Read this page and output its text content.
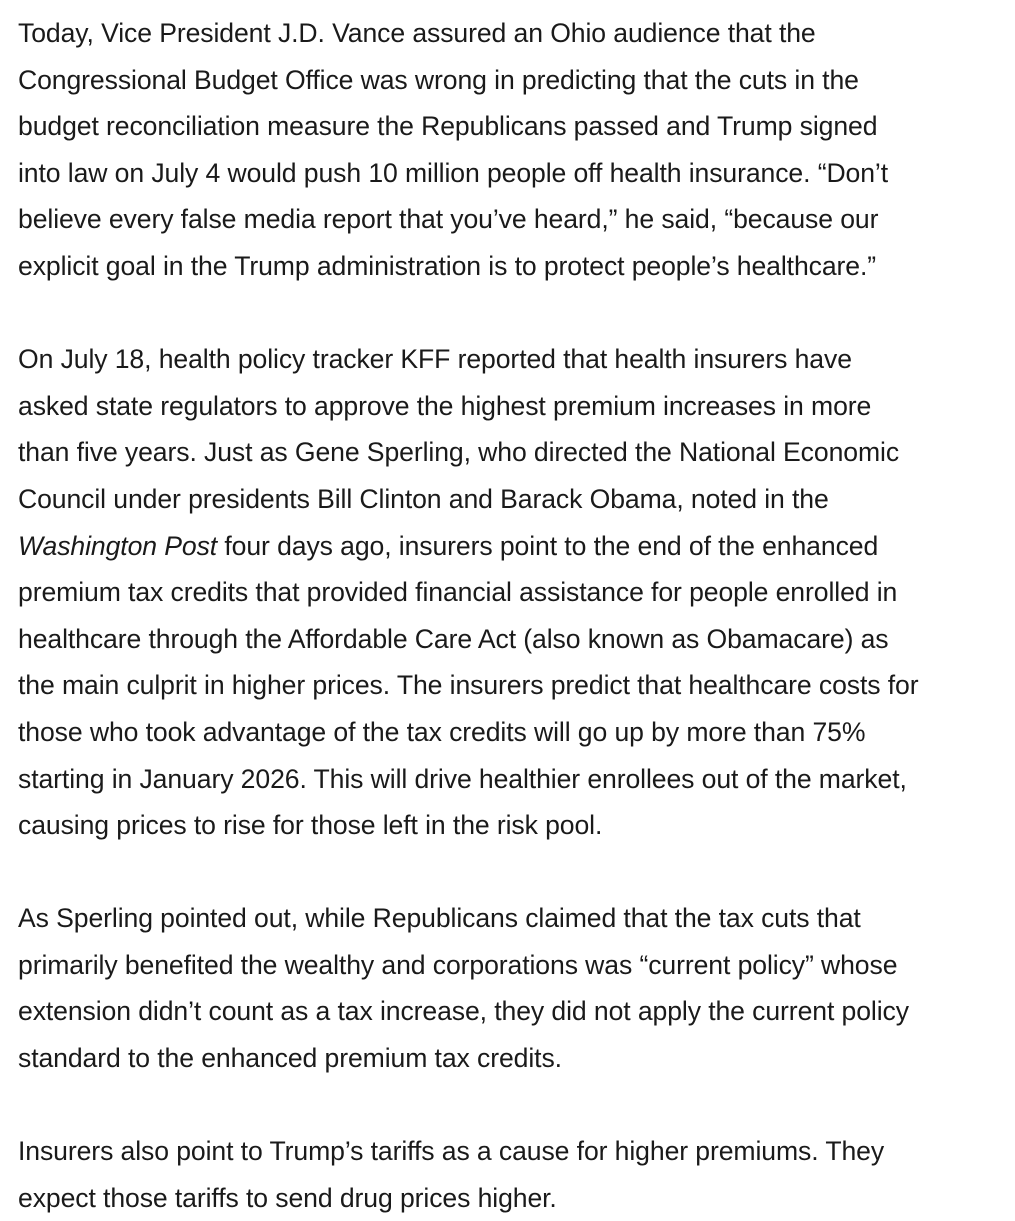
Today, Vice President J.D. Vance assured an Ohio audience that the
Congressional Budget Office was wrong in predicting that the cuts in the
budget reconciliation measure the Republicans passed and Trump signed
into law on July 4 would push 10 million people off health insurance. “Don’t
believe every false media report that you’ve heard,” he said, “because our
explicit goal in the Trump administration is to protect people’s healthcare.”
On July 18, health policy tracker KFF reported that health insurers have
asked state regulators to approve the highest premium increases in more
than five years. Just as Gene Sperling, who directed the National Economic
Council under presidents Bill Clinton and Barack Obama, noted in the
Washington Post four days ago, insurers point to the end of the enhanced
premium tax credits that provided financial assistance for people enrolled in
healthcare through the Affordable Care Act (also known as Obamacare) as
the main culprit in higher prices. The insurers predict that healthcare costs for
those who took advantage of the tax credits will go up by more than 75%
starting in January 2026. This will drive healthier enrollees out of the market,
causing prices to rise for those left in the risk pool.
As Sperling pointed out, while Republicans claimed that the tax cuts that
primarily benefited the wealthy and corporations was “current policy” whose
extension didn’t count as a tax increase, they did not apply the current policy
standard to the enhanced premium tax credits.
Insurers also point to Trump’s tariffs as a cause for higher premiums. They
expect those tariffs to send drug prices higher.
